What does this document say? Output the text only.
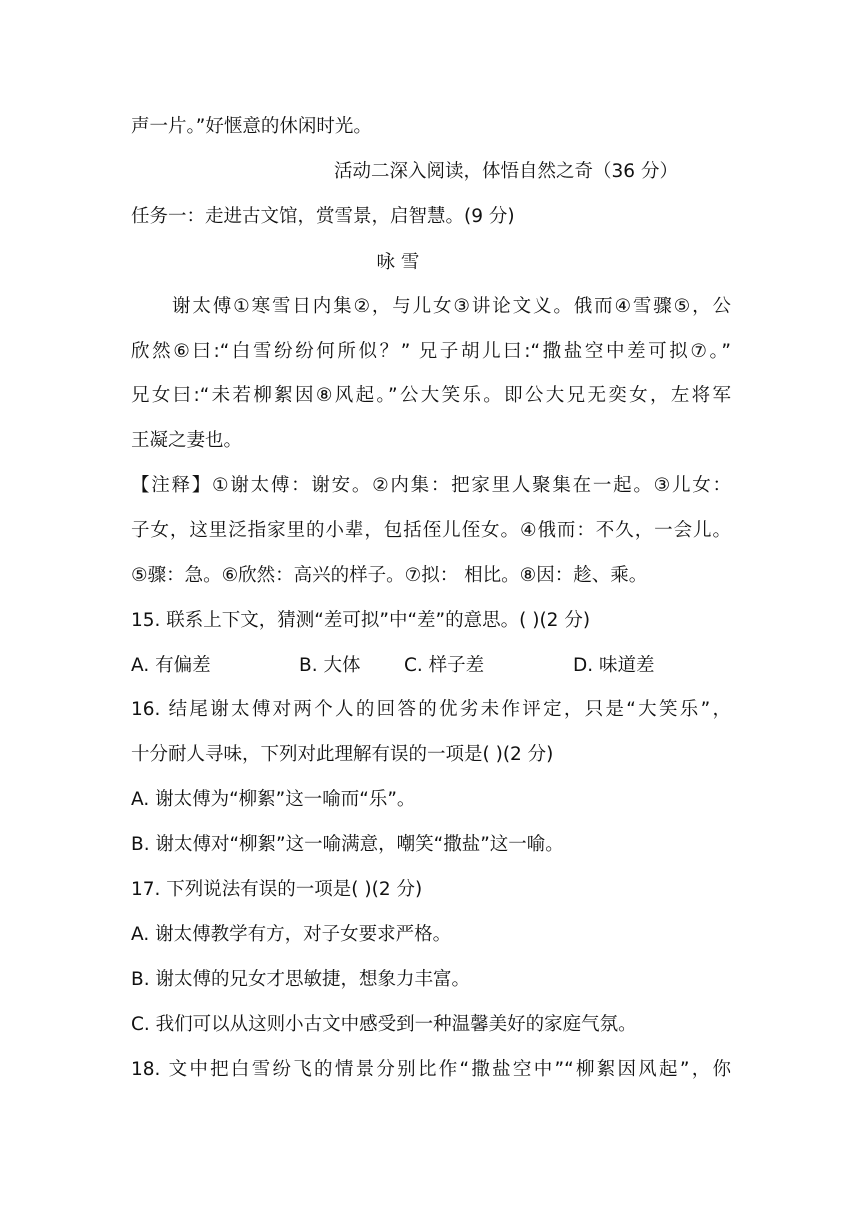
声一片。”好惬意的休闲时光。
活动二深入阅读，体悟自然之奇（36 分）
任务一：走进古文馆，赏雪景，启智慧。(9 分)
咏 雪
谢太傅①寒雪日内集②，与儿女③讲论文义。俄而④雪骤⑤，公
欣然⑥曰:“白雪纷纷何所似？” 兄子胡儿曰:“撒盐空中差可拟⑦。”
兄女曰:“未若柳絮因⑧风起。”公大笑乐。即公大兄无奕女，左将军
王凝之妻也。
【注释】①谢太傅：谢安。②内集：把家里人聚集在一起。③儿女：
子女，这里泛指家里的小辈，包括侄儿侄女。④俄而：不久，一会儿。
⑤骤：急。⑥欣然：高兴的样子。⑦拟： 相比。⑧因：趁、乘。
15. 联系上下文，猜测“差可拟”中“差”的意思。( )(2 分)
A. 有偏差	B. 大体 C. 样子差	D. 味道差
16. 结尾谢太傅对两个人的回答的优劣未作评定，只是“大笑乐”，
十分耐人寻味，下列对此理解有误的一项是( )(2 分)
A. 谢太傅为“柳絮”这一喻而“乐”。
B. 谢太傅对“柳絮”这一喻满意，嘲笑“撒盐”这一喻。
17. 下列说法有误的一项是( )(2 分)
A. 谢太傅教学有方，对子女要求严格。
B. 谢太傅的兄女才思敏捷，想象力丰富。
C. 我们可以从这则小古文中感受到一种温馨美好的家庭气氛。
18. 文中把白雪纷飞的情景分别比作“撒盐空中”“柳絮因风起”，你
